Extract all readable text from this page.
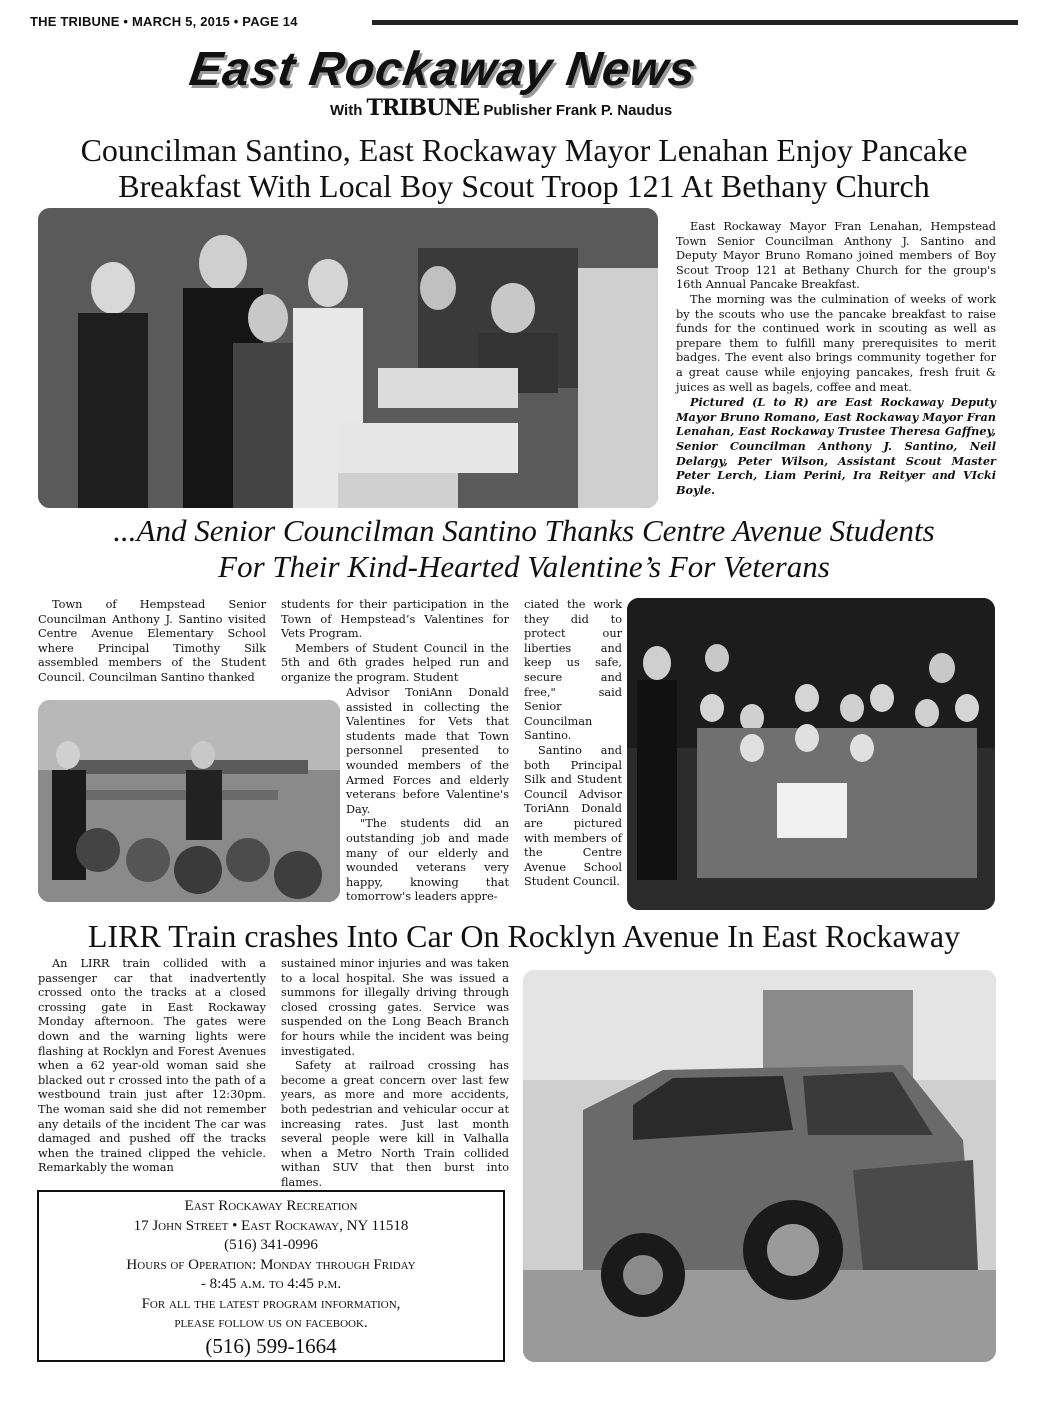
THE TRIBUNE • MARCH 5, 2015 • PAGE 14
East Rockaway News
With TRIBUNE Publisher Frank P. Naudus
Councilman Santino, East Rockaway Mayor Lenahan Enjoy Pancake
Breakfast With Local Boy Scout Troop 121 At Bethany Church

East Rockaway Mayor Fran Lenahan, Hempstead Town Senior Councilman Anthony J. Santino and Deputy Mayor Bruno Romano joined members of Boy Scout Troop 121 at Bethany Church for the group's 16th Annual Pancake Breakfast.

The morning was the culmination of weeks of work by the scouts who use the pancake breakfast to raise funds for the continued work in scouting as well as prepare them to fulfill many prerequisites to merit badges. The event also brings community together for a great cause while enjoying pancakes, fresh fruit & juices as well as bagels, coffee and meat.

Pictured (L to R) are East Rockaway Deputy Mayor Bruno Romano, East Rockaway Mayor Fran Lenahan, East Rockaway Trustee Theresa Gaffney, Senior Councilman Anthony J. Santino, Neil Delargy, Peter Wilson, Assistant Scout Master Peter Lerch, Liam Perini, Ira Reityer and VIcki Boyle.

...And Senior Councilman Santino Thanks Centre Avenue Students
For Their Kind-Hearted Valentine’s For Veterans

Town of Hempstead Senior Councilman Anthony J. Santino visited Centre Avenue Elementary School where Principal Timothy Silk assembled members of the Student Council. Councilman Santino thanked

students for their participation in the Town of Hempstead’s Valentines for Vets Program.

Members of Student Council in the 5th and 6th grades helped run and organize the program. Student

Advisor ToniAnn Donald assisted in collecting the Valentines for Vets that students made that Town personnel presented to wounded members of the Armed Forces and elderly veterans before Valentine's Day.

"The students did an outstanding job and made many of our elderly and wounded veterans very happy, knowing that tomorrow's leaders appre-

ciated the work they did to protect our liberties and keep us safe, secure and free," said Senior Councilman Santino.

Santino and both Principal Silk and Student Council Advisor ToriAnn Donald are pictured with members of the Centre Avenue School Student Council.

LIRR Train crashes Into Car On Rocklyn Avenue In East Rockaway

An LIRR train collided with a passenger car that inadvertently crossed onto the tracks at a closed crossing gate in East Rockaway Monday afternoon. The gates were down and the warning lights were flashing at Rocklyn and Forest Avenues when a 62 year-old woman said she blacked out r crossed into the path of a westbound train just after 12:30pm. The woman said she did not remember any details of the incident The car was damaged and pushed off the tracks when the trained clipped the vehicle. Remarkably the woman

sustained minor injuries and was taken to a local hospital. She was issued a summons for illegally driving through closed crossing gates. Service was suspended on the Long Beach Branch for hours while the incident was being investigated.

Safety at railroad crossing has become a great concern over last few years, as more and more accidents, both pedestrian and vehicular occur at increasing rates. Just last month several people were kill in Valhalla when a Metro North Train collided withan SUV that then burst into flames.

East Rockaway Recreation
17 John Street • East Rockaway, NY 11518
(516) 341-0996
Hours of Operation: Monday through Friday
- 8:45 a.m. to 4:45 p.m.
For all the latest program information,
please follow us on facebook.
(516) 599-1664
